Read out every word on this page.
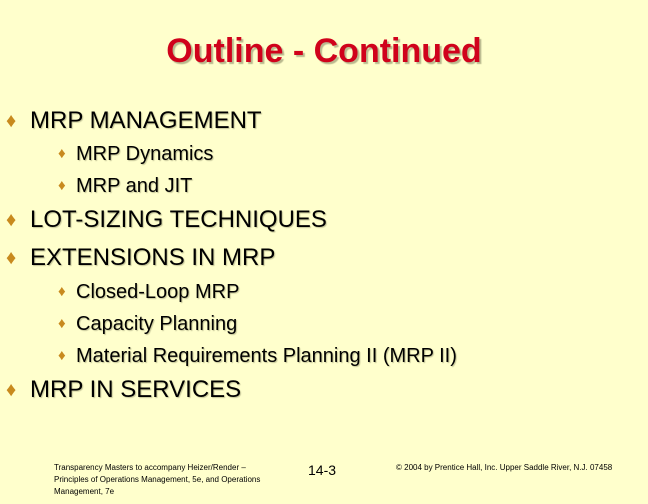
Outline - Continued
♦ MRP MANAGEMENT
♦ MRP Dynamics
♦ MRP and JIT
♦ LOT-SIZING TECHNIQUES
♦ EXTENSIONS IN MRP
♦ Closed-Loop MRP
♦ Capacity Planning
♦ Material Requirements Planning II (MRP II)
♦ MRP IN SERVICES
Transparency Masters to accompany Heizer/Render – Principles of Operations Management, 5e, and Operations Management, 7e
14-3	© 2004 by Prentice Hall, Inc. Upper Saddle River, N.J. 07458
